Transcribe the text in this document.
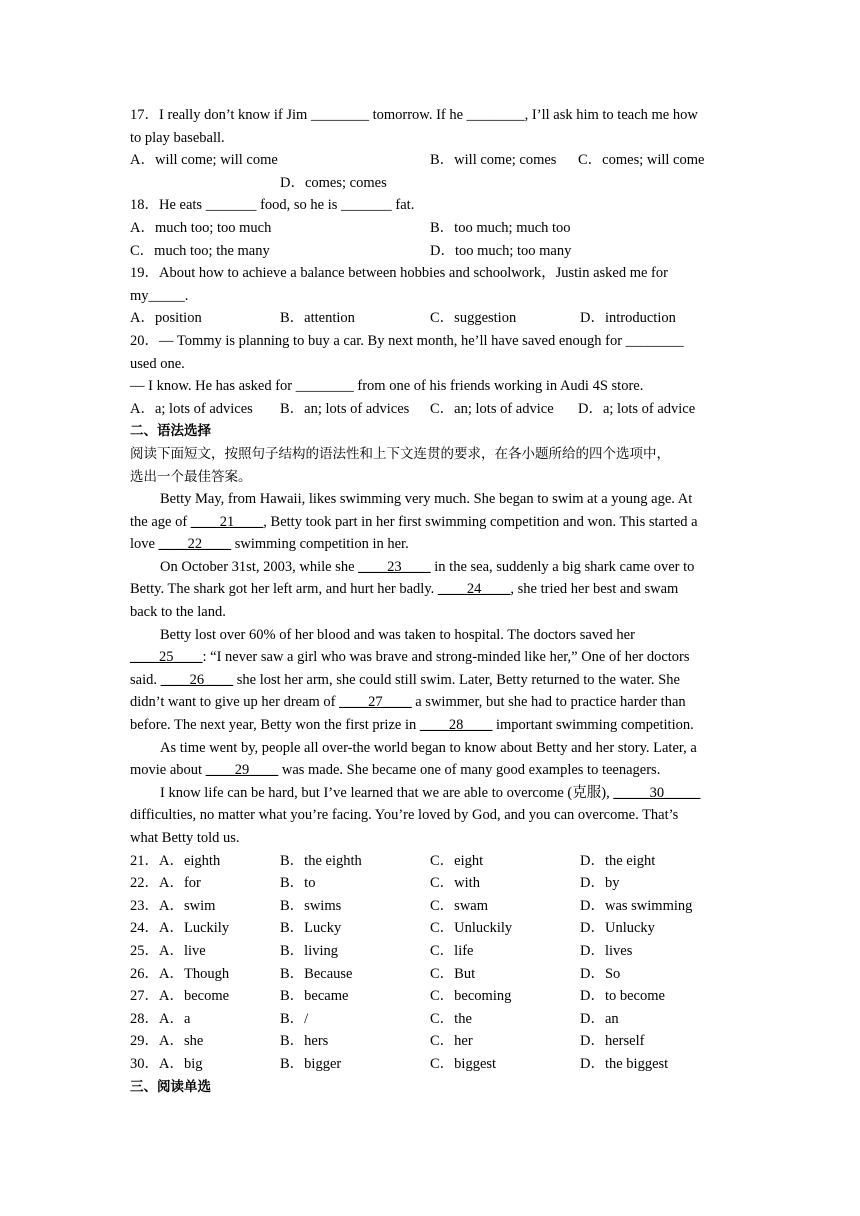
17．I really don’t know if Jim ________ tomorrow. If he ________, I’ll ask him to teach me how
to play baseball.
A．will come; will come	B．will come; comes	C．comes; will come
D．comes; comes
18．He eats _______ food, so he is _______ fat.
A．much too; too much	B．too much; much too
C．much too; the many	D．too much; too many
19．About how to achieve a balance between hobbies and schoolwork，Justin asked me for
my_____.
A．position	B．attention	C．suggestion	D．introduction
20．— Tommy is planning to buy a car. By next month, he’ll have saved enough for ________
used one.
— I know. He has asked for ________ from one of his friends working in Audi 4S store.
A．a; lots of advices	B．an; lots of advices	C．an; lots of advice	D．a; lots of advice
二、语法选择
阅读下面短文，按照句子结构的语法性和上下文连贯的要求，在各小题所给的四个选项中，
选出一个最佳答案。
Betty May, from Hawaii, likes swimming very much. She began to swim at a young age. At
the age of ____21____, Betty took part in her first swimming competition and won. This started a
love ____22____ swimming competition in her.
On October 31st, 2003, while she ____23____ in the sea, suddenly a big shark came over to
Betty. The shark got her left arm, and hurt her badly. ____24____, she tried her best and swam
back to the land.
Betty lost over 60% of her blood and was taken to hospital. The doctors saved her
____25____: “I never saw a girl who was brave and strong-minded like her,” One of her doctors
said. ____26____ she lost her arm, she could still swim. Later, Betty returned to the water. She
didn’t want to give up her dream of ____27____ a swimmer, but she had to practice harder than
before. The next year, Betty won the first prize in ____28____ important swimming competition.
As time went by, people all over-the world began to know about Betty and her story. Later, a
movie about ____29____ was made. She became one of many good examples to teenagers.
I know life can be hard, but I’ve learned that we are able to overcome (克服), _____30_____
difficulties, no matter what you’re facing. You’re loved by God, and you can overcome. That’s
what Betty told us.
21．A．eighth	B．the eighth	C．eight	D．the eight
22．A．for	B．to	C．with	D．by
23．A．swim	B．swims	C．swam	D．was swimming
24．A．Luckily	B．Lucky	C．Unluckily	D．Unlucky
25．A．live	B．living	C．life	D．lives
26．A．Though	B．Because	C．But	D．So
27．A．become	B．became	C．becoming	D．to become
28．A．a	B．/	C．the	D．an
29．A．she	B．hers	C．her	D．herself
30．A．big	B．bigger	C．biggest	D．the biggest
三、阅读单选
